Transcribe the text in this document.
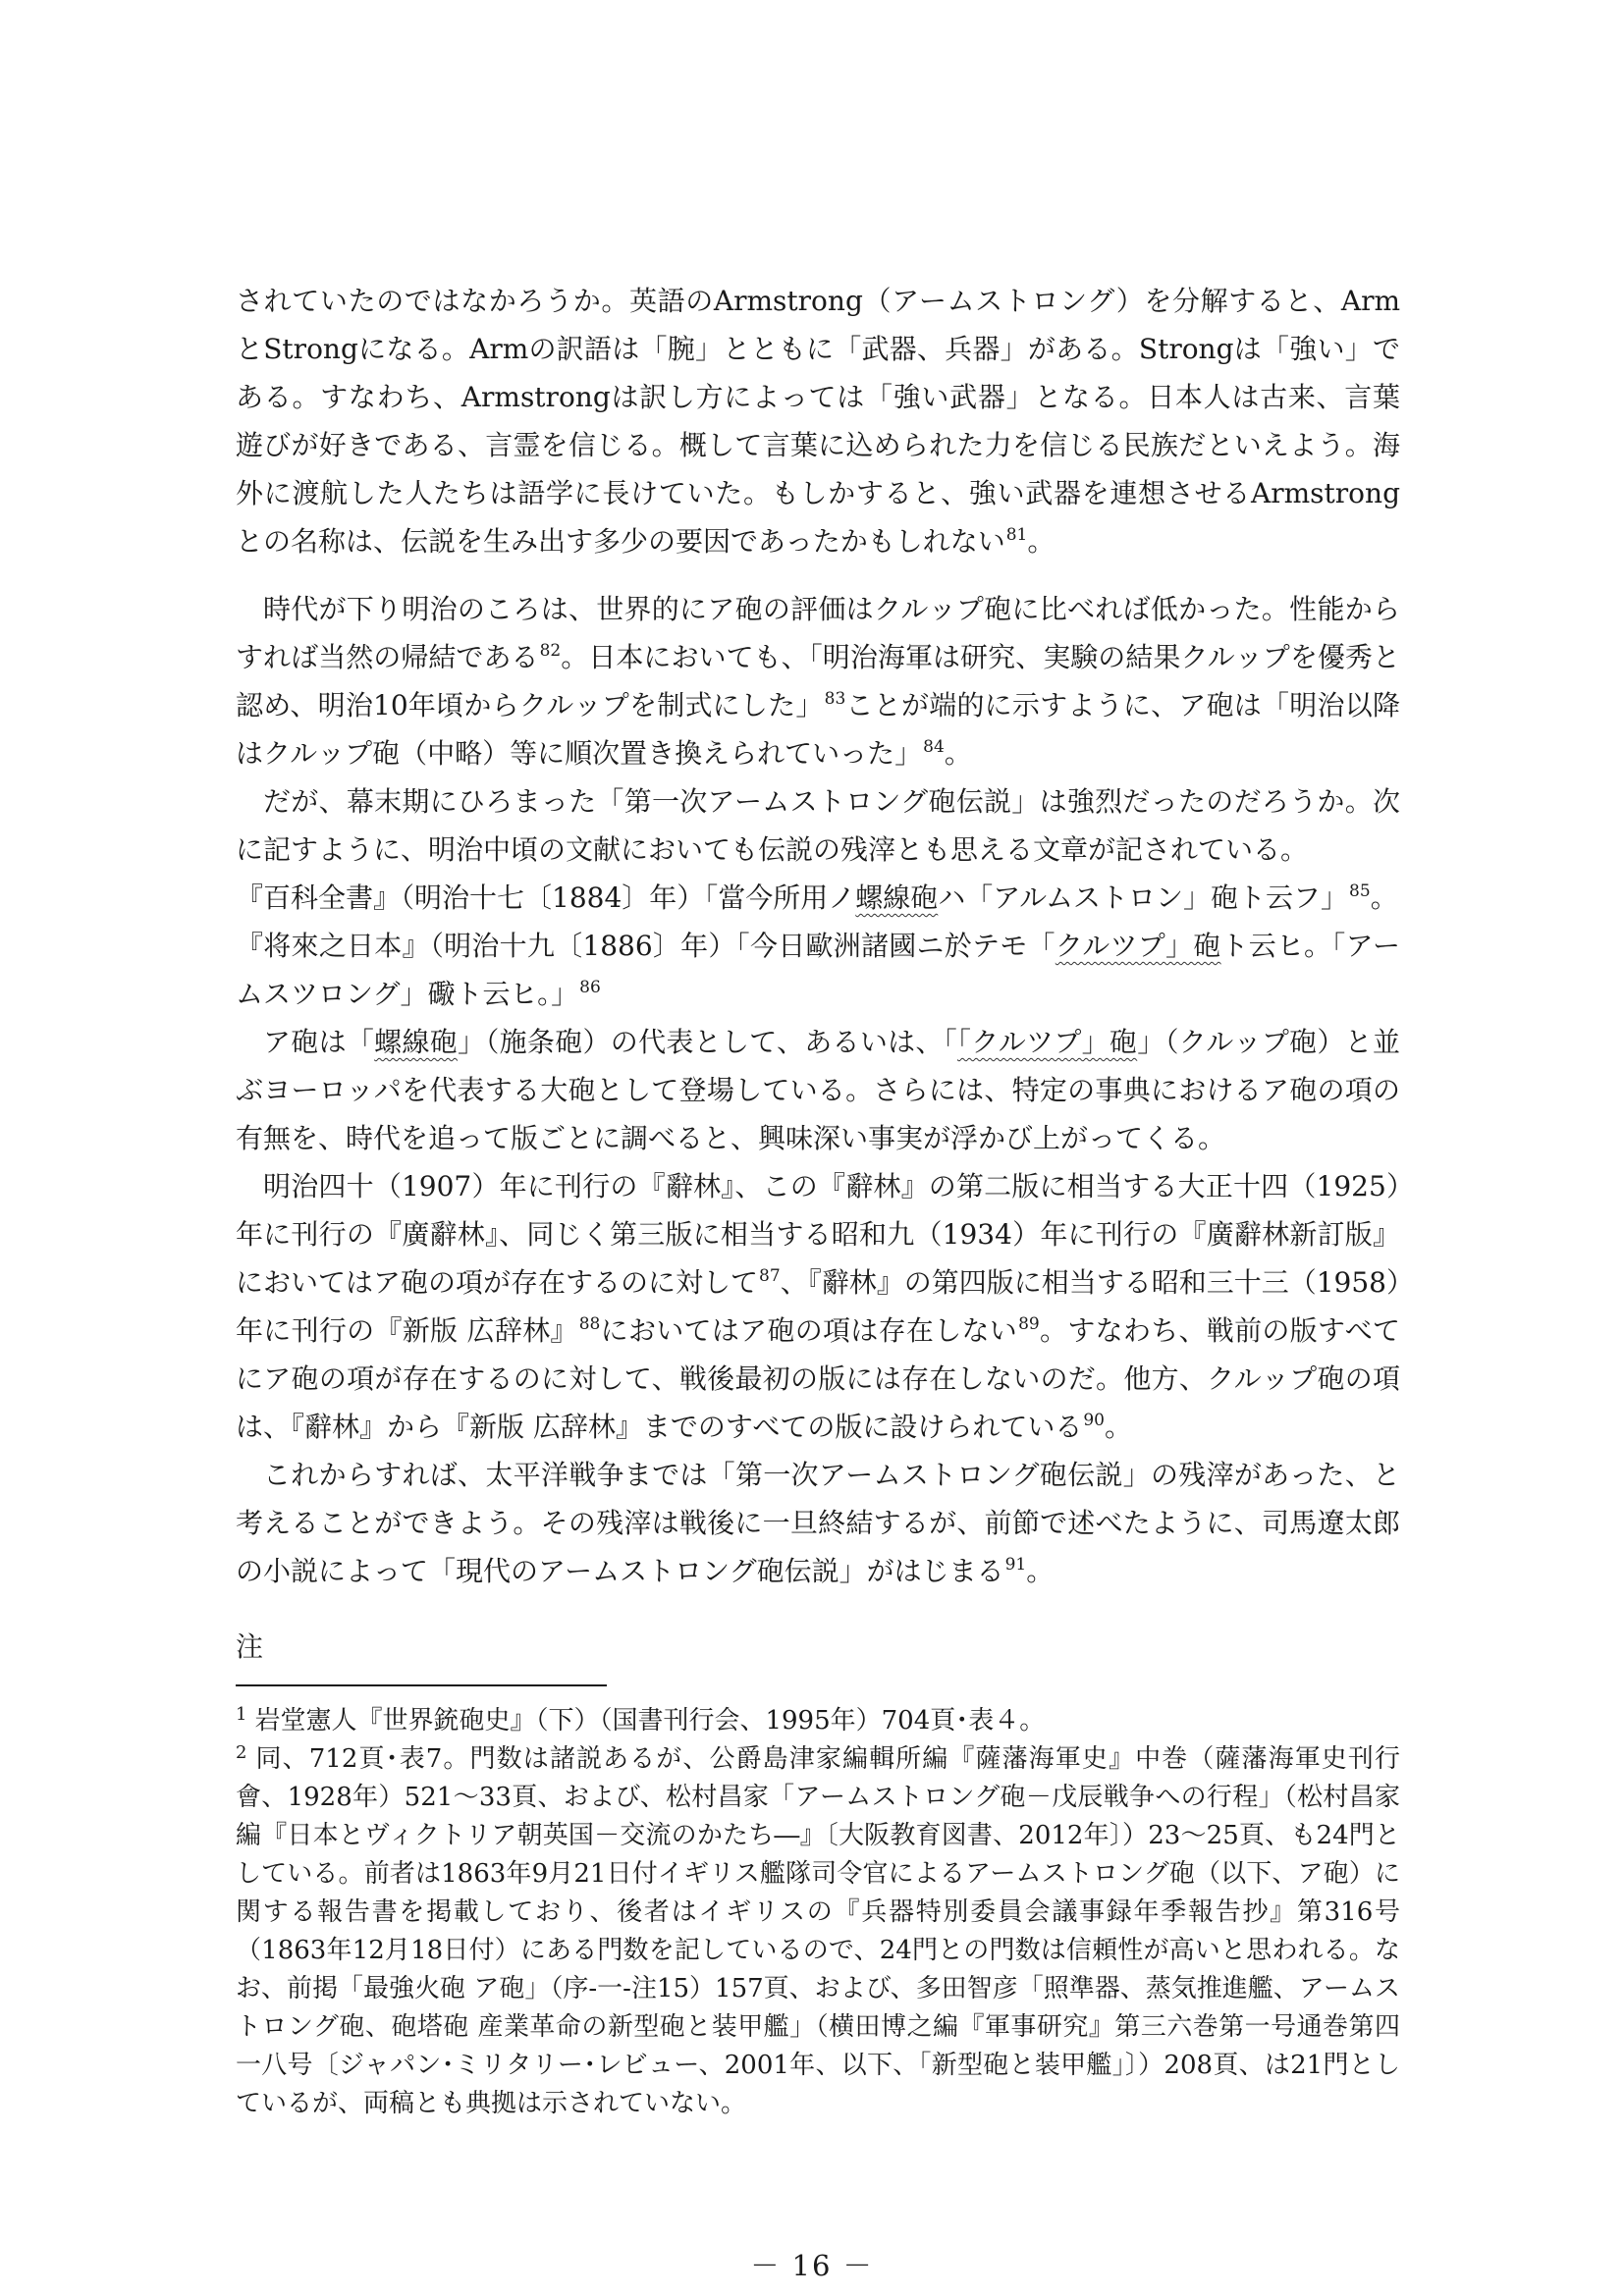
されていたのではなかろうか。英語のArmstrong（アームストロング）を分解すると、ArmとStrongになる。Armの訳語は「腕」とともに「武器、兵器」がある。Strongは「強い」である。すなわち、Armstrongは訳し方によっては「強い武器」となる。日本人は古来、言葉遊びが好きである、言霊を信じる。概して言葉に込められた力を信じる民族だといえよう。海外に渡航した人たちは語学に長けていた。もしかすると、強い武器を連想させるArmstrongとの名称は、伝説を生み出す多少の要因であったかもしれない$^{81}$。

時代が下り明治のころは、世界的にア砲の評価はクルップ砲に比べれば低かった。性能からすれば当然の帰結である$^{82}$。日本においても、「明治海軍は研究、実験の結果クルップを優秀と認め、明治10年頃からクルップを制式にした」$^{83}$ことが端的に示すように、ア砲は「明治以降はクルップ砲（中略）等に順次置き換えられていった」$^{84}$。

だが、幕末期にひろまった「第一次アームストロング砲伝説」は強烈だったのだろうか。次に記すように、明治中頃の文献においても伝説の残滓とも思える文章が記されている。

『百科全書』（明治十七〔1884〕年）「當今所用ノ螺線砲ハ「アルムストロン」砲ト云フ」$^{85}$。

『将來之日本』（明治十九〔1886〕年）「今日歐洲諸國ニ於テモ「クルツプ」砲ト云ヒ。「アームスツロング」礮ト云ヒ。」$^{86}$

ア砲は「螺線砲」（施条砲）の代表として、あるいは、「「クルツプ」砲」（クルップ砲）と並ぶヨーロッパを代表する大砲として登場している。さらには、特定の事典におけるア砲の項の有無を、時代を追って版ごとに調べると、興味深い事実が浮かび上がってくる。

明治四十（1907）年に刊行の『辭林』、この『辭林』の第二版に相当する大正十四（1925）年に刊行の『廣辭林』、同じく第三版に相当する昭和九（1934）年に刊行の『廣辭林新訂版』においてはア砲の項が存在するのに対して$^{87}$、『辭林』の第四版に相当する昭和三十三（1958）年に刊行の『新版 広辞林』$^{88}$においてはア砲の項は存在しない$^{89}$。すなわち、戦前の版すべてにア砲の項が存在するのに対して、戦後最初の版には存在しないのだ。他方、クルップ砲の項は、『辭林』から『新版 広辞林』までのすべての版に設けられている$^{90}$。

これからすれば、太平洋戦争までは「第一次アームストロング砲伝説」の残滓があった、と考えることができよう。その残滓は戦後に一旦終結するが、前節で述べたように、司馬遼太郎の小説によって「現代のアームストロング砲伝説」がはじまる$^{91}$。

注

$^1$ 岩堂憲人『世界銃砲史』（下）（国書刊行会、1995年）704頁･表４。

$^2$ 同、712頁･表7。門数は諸説あるが、公爵島津家編輯所編『薩藩海軍史』中巻（薩藩海軍史刊行會、1928年）521～33頁、および、松村昌家「アームストロング砲－戊辰戦争への行程」（松村昌家編『日本とヴィクトリア朝英国－交流のかたち―』〔大阪教育図書、2012年〕）23～25頁、も24門としている。前者は1863年9月21日付イギリス艦隊司令官によるアームストロング砲（以下、ア砲）に関する報告書を掲載しており、後者はイギリスの『兵器特別委員会議事録年季報告抄』第316号（1863年12月18日付）にある門数を記しているので、24門との門数は信頼性が高いと思われる。なお、前掲「最強火砲 ア砲」（序-一-注15）157頁、および、多田智彦「照準器、蒸気推進艦、アームストロング砲、砲塔砲 産業革命の新型砲と装甲艦」（横田博之編『軍事研究』第三六巻第一号通巻第四一八号〔ジャパン･ミリタリー･レビュー、2001年、以下、「新型砲と装甲艦」〕）208頁、は21門としているが、両稿とも典拠は示されていない。

－ 16 －
